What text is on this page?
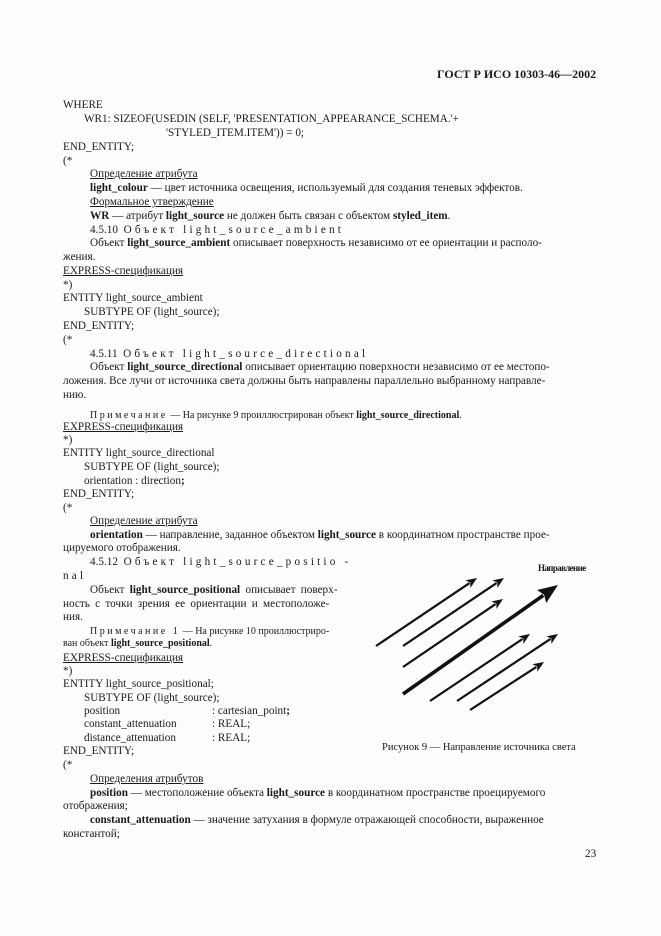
ГОСТ Р ИСО 10303-46—2002
WHERE
WR1: SIZEOF(USEDIN (SELF, 'PRESENTATION_APPEARANCE_SCHEMA.'+
'STYLED_ITEM.ITEM')) = 0;
END_ENTITY;
(*
Определение атрибута
light_colour — цвет источника освещения, используемый для создания теневых эффектов.
Формальное утверждение
WR — атрибут light_source не должен быть связан с объектом styled_item.
4.5.10 Объект light_source_ambient
Объект light_source_ambient описывает поверхность независимо от ее ориентации и располо-
жения.
EXPRESS-спецификация
*)
ENTITY light_source_ambient
SUBTYPE OF (light_source);
END_ENTITY;
(*
4.5.11 Объект light_source_directional
Объект light_source_directional описывает ориентацию поверхности независимо от ее местопо-
ложения. Все лучи от источника света должны быть направлены параллельно выбранному направле-
нию.
Примечание — На рисунке 9 проиллюстрирован объект light_source_directional.
EXPRESS-спецификация
*)
ENTITY light_source_directional
SUBTYPE OF (light_source);
orientation : direction;
END_ENTITY;
(*
Определение атрибута
orientation — направление, заданное объектом light_source в координатном пространстве прое-
цируемого отображения.
4.5.12 Объект light_source_positio -
nal
Объект light_source_positional описывает поверх-
ность с точки зрения ее ориентации и местоположе-
ния.
Примечание 1 — На рисунке 10 проиллюстриро-
ван объект light_source_positional.
EXPRESS-спецификация
*)
ENTITY light_source_positional;
SUBTYPE OF (light_source);
position	: cartesian_point;
constant_attenuation	: REAL;
distance_attenuation	: REAL;
END_ENTITY;
(*
Определения атрибутов
position — местоположение объекта light_source в координатном пространстве проецируемого
отображения;
constant_attenuation — значение затухания в формуле отражающей способности, выраженное
константой;
Направление
Рисунок 9 — Направление источника света
23
